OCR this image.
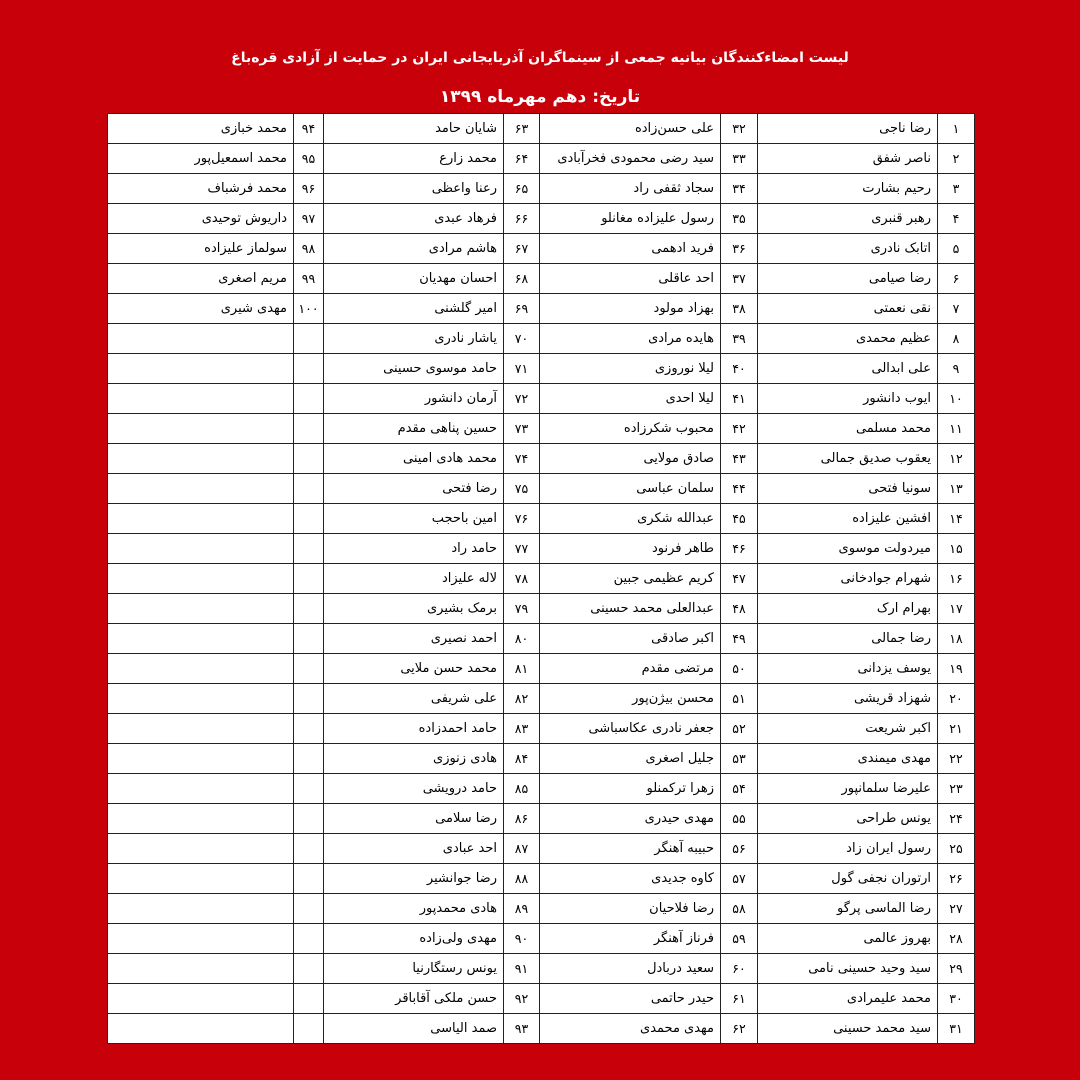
لیست امضاءکنندگان بیانیه جمعی از سینماگران آذربایجانی ایران در حمایت از آزادی قره‌باغ
تاریخ: دهم مهرماه ۱۳۹۹
۱	رضا ناجی	۳۲	علی حسن‌زاده	۶۳	شایان حامد	۹۴	محمد خبازی
۲	ناصر شفق	۳۳	سید رضی محمودی فخرآبادی	۶۴	محمد زارع	۹۵	محمد اسمعیل‌پور
۳	رحیم بشارت	۳۴	سجاد ثقفی راد	۶۵	رعنا واعظی	۹۶	محمد فرشباف
۴	رهبر قنبری	۳۵	رسول علیزاده مغانلو	۶۶	فرهاد عبدی	۹۷	داریوش توحیدی
۵	اتابک نادری	۳۶	فرید ادهمی	۶۷	هاشم مرادی	۹۸	سولماز علیزاده
۶	رضا صیامی	۳۷	احد عاقلی	۶۸	احسان مهدیان	۹۹	مریم اصغری
۷	نقی نعمتی	۳۸	بهزاد مولود	۶۹	امیر گلشنی	۱۰۰	مهدی شیری
۸	عظیم محمدی	۳۹	هایده مرادی	۷۰	یاشار نادری		
۹	علی ابدالی	۴۰	لیلا نوروزی	۷۱	حامد موسوی حسینی		
۱۰	ایوب دانشور	۴۱	لیلا احدی	۷۲	آرمان دانشور		
۱۱	محمد مسلمی	۴۲	محبوب شکرزاده	۷۳	حسین پناهی مقدم		
۱۲	یعقوب صدیق جمالی	۴۳	صادق مولایی	۷۴	محمد هادی امینی		
۱۳	سونیا فتحی	۴۴	سلمان عباسی	۷۵	رضا فتحی		
۱۴	افشین علیزاده	۴۵	عبدالله شکری	۷۶	امین باحجب		
۱۵	میردولت موسوی	۴۶	طاهر فرنود	۷۷	حامد راد		
۱۶	شهرام جوادخانی	۴۷	کریم عظیمی جبین	۷۸	لاله علیزاد		
۱۷	بهرام ارک	۴۸	عبدالعلی محمد حسینی	۷۹	برمک بشیری		
۱۸	رضا جمالی	۴۹	اکبر صادقی	۸۰	احمد نصیری		
۱۹	یوسف یزدانی	۵۰	مرتضی مقدم	۸۱	محمد حسن ملایی		
۲۰	شهزاد قریشی	۵۱	محسن بیژن‌پور	۸۲	علی شریفی		
۲۱	اکبر شریعت	۵۲	جعفر نادری عکاسباشی	۸۳	حامد احمدزاده		
۲۲	مهدی میمندی	۵۳	جلیل اصغری	۸۴	هادی زنوزی		
۲۳	علیرضا سلمانپور	۵۴	زهرا ترکمنلو	۸۵	حامد درویشی		
۲۴	یونس طراحی	۵۵	مهدی حیدری	۸۶	رضا سلامی		
۲۵	رسول ایران زاد	۵۶	حبیبه آهنگر	۸۷	احد عبادی		
۲۶	ارتوران نجفی گول	۵۷	کاوه جدیدی	۸۸	رضا جوانشیر		
۲۷	رضا الماسی پرگو	۵۸	رضا فلاحیان	۸۹	هادی محمدپور		
۲۸	بهروز عالمی	۵۹	فرناز آهنگر	۹۰	مهدی ولی‌زاده		
۲۹	سید وحید حسینی نامی	۶۰	سعید دربادل	۹۱	یونس رستگارنیا		
۳۰	محمد علیمرادی	۶۱	حیدر حاتمی	۹۲	حسن ملکی آقاباقر		
۳۱	سید محمد حسینی	۶۲	مهدی محمدی	۹۳	صمد الیاسی		
